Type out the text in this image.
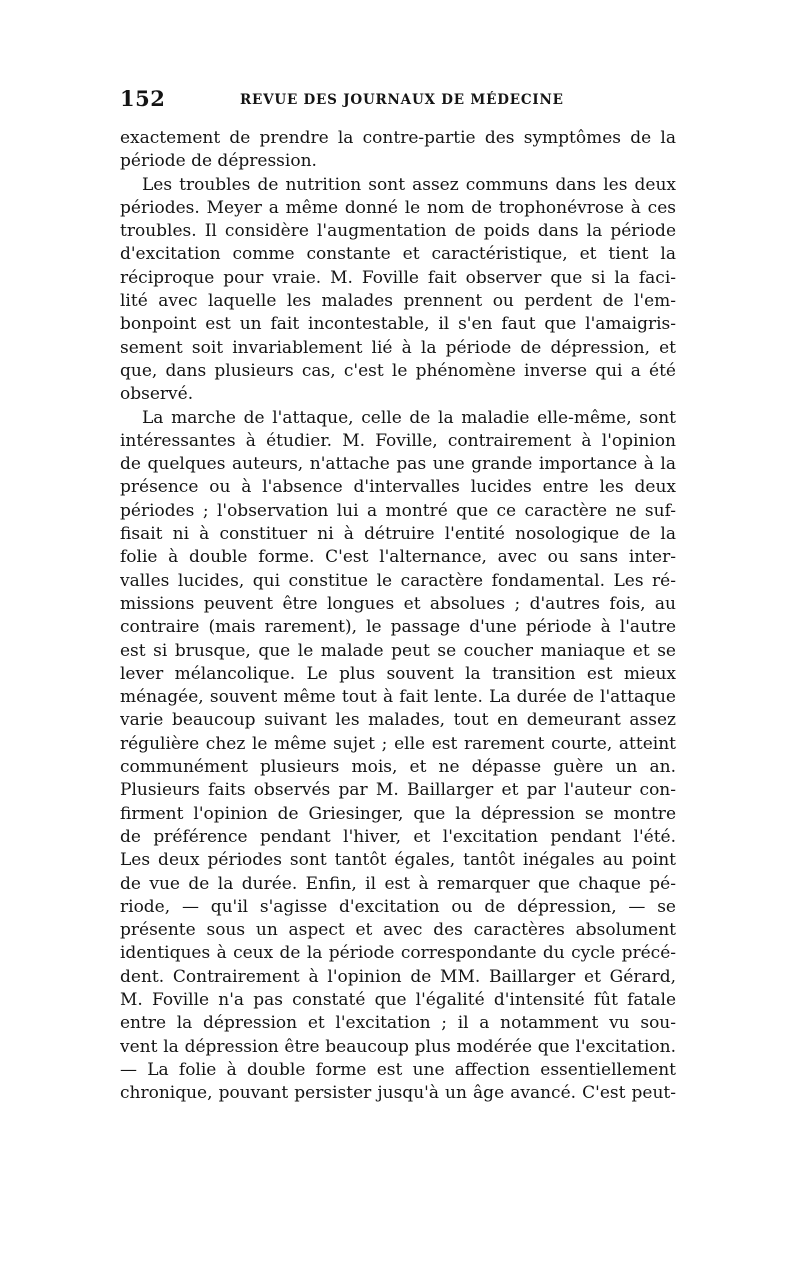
152	REVUE DES JOURNAUX DE MÉDECINE
exactement de prendre la contre-partie des symptômes de la
période de dépression.
Les troubles de nutrition sont assez communs dans les deux
périodes. Meyer a même donné le nom de trophonévrose à ces
troubles. Il considère l'augmentation de poids dans la période
d'excitation comme constante et caractéristique, et tient la
réciproque pour vraie. M. Foville fait observer que si la faci-
lité avec laquelle les malades prennent ou perdent de l'em-
bonpoint est un fait incontestable, il s'en faut que l'amaigris-
sement soit invariablement lié à la période de dépression, et
que, dans plusieurs cas, c'est le phénomène inverse qui a été
observé.
La marche de l'attaque, celle de la maladie elle-même, sont
intéressantes à étudier. M. Foville, contrairement à l'opinion
de quelques auteurs, n'attache pas une grande importance à la
présence ou à l'absence d'intervalles lucides entre les deux
périodes ; l'observation lui a montré que ce caractère ne suf-
fisait ni à constituer ni à détruire l'entité nosologique de la
folie à double forme. C'est l'alternance, avec ou sans inter-
valles lucides, qui constitue le caractère fondamental. Les ré-
missions peuvent être longues et absolues ; d'autres fois, au
contraire (mais rarement), le passage d'une période à l'autre
est si brusque, que le malade peut se coucher maniaque et se
lever mélancolique. Le plus souvent la transition est mieux
ménagée, souvent même tout à fait lente. La durée de l'attaque
varie beaucoup suivant les malades, tout en demeurant assez
régulière chez le même sujet ; elle est rarement courte, atteint
communément plusieurs mois, et ne dépasse guère un an.
Plusieurs faits observés par M. Baillarger et par l'auteur con-
firment l'opinion de Griesinger, que la dépression se montre
de préférence pendant l'hiver, et l'excitation pendant l'été.
Les deux périodes sont tantôt égales, tantôt inégales au point
de vue de la durée. Enfin, il est à remarquer que chaque pé-
riode, — qu'il s'agisse d'excitation ou de dépression, — se
présente sous un aspect et avec des caractères absolument
identiques à ceux de la période correspondante du cycle précé-
dent. Contrairement à l'opinion de MM. Baillarger et Gérard,
M. Foville n'a pas constaté que l'égalité d'intensité fût fatale
entre la dépression et l'excitation ; il a notamment vu sou-
vent la dépression être beaucoup plus modérée que l'excitation.
— La folie à double forme est une affection essentiellement
chronique, pouvant persister jusqu'à un âge avancé. C'est peut-
